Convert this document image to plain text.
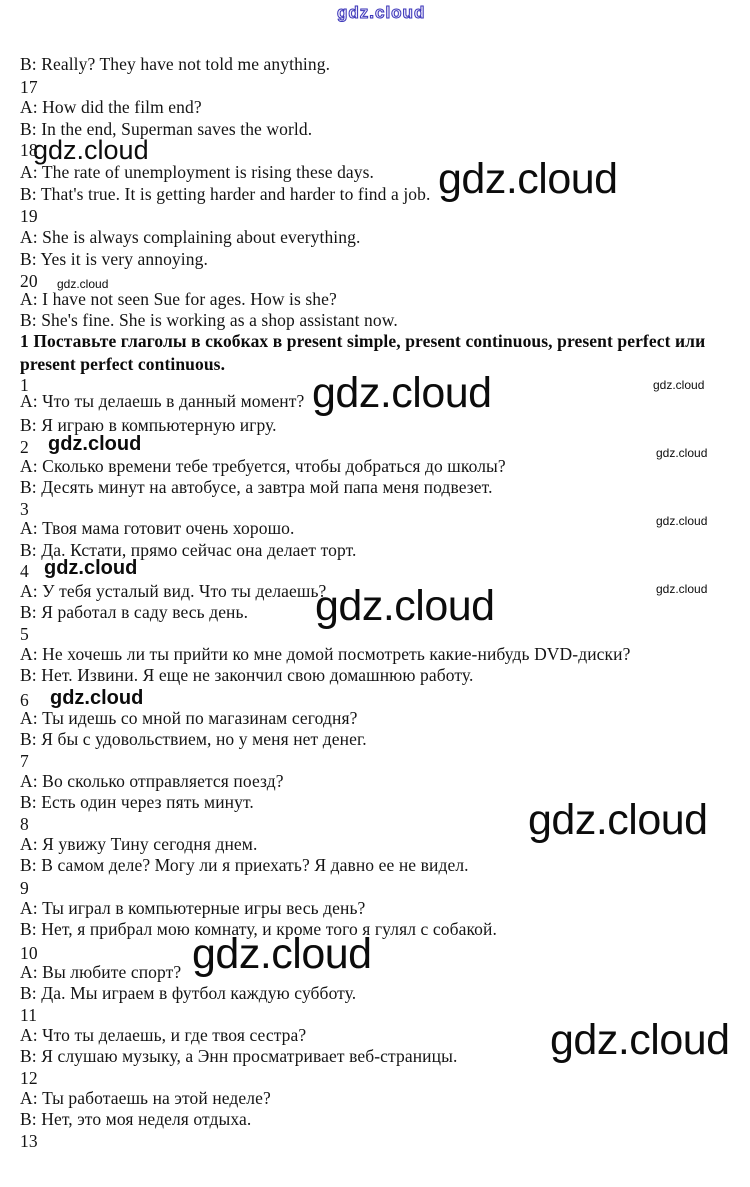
gdz.cloud
gdz.cloud
gdz.cloud
gdz.cloud
gdz.cloud	gdz.cloud
gdz.cloud	gdz.cloud
gdz.cloud
gdz.cloud
gdz.cloud
gdz.cloud
gdz.cloud
gdz.cloud
gdz.cloud
gdz.cloud
B: Really? They have not told me anything.
17
A: How did the film end?
B: In the end, Superman saves the world.
18
A: The rate of unemployment is rising these days.
B: That's true. It is getting harder and harder to find a job.
19
A: She is always complaining about everything.
B: Yes it is very annoying.
20
A: I have not seen Sue for ages. How is she?
B: She's fine. She is working as a shop assistant now.
1 Поставьте глаголы в скобках в present simple, present continuous, present perfect или
present perfect continuous.
1
A: Что ты делаешь в данный момент?
B: Я играю в компьютерную игру.
2
A: Сколько времени тебе требуется, чтобы добраться до школы?
B: Десять минут на автобусе, а завтра мой папа меня подвезет.
3
A: Твоя мама готовит очень хорошо.
B: Да. Кстати, прямо сейчас она делает торт.
4
A: У тебя усталый вид. Что ты делаешь?
B: Я работал в саду весь день.
5
A: Не хочешь ли ты прийти ко мне домой посмотреть какие-нибудь DVD-диски?
B: Нет. Извини. Я еще не закончил свою домашнюю работу.
6
A: Ты идешь со мной по магазинам сегодня?
B: Я бы с удовольствием, но у меня нет денег.
7
A: Во сколько отправляется поезд?
B: Есть один через пять минут.
8
A: Я увижу Тину сегодня днем.
B: В самом деле? Могу ли я приехать? Я давно ее не видел.
9
A: Ты играл в компьютерные игры весь день?
B: Нет, я прибрал мою комнату, и кроме того я гулял с собакой.
10
A: Вы любите спорт?
B: Да. Мы играем в футбол каждую субботу.
11
A: Что ты делаешь, и где твоя сестра?
B: Я слушаю музыку, а Энн просматривает веб-страницы.
12
A: Ты работаешь на этой неделе?
B: Нет, это моя неделя отдыха.
13
